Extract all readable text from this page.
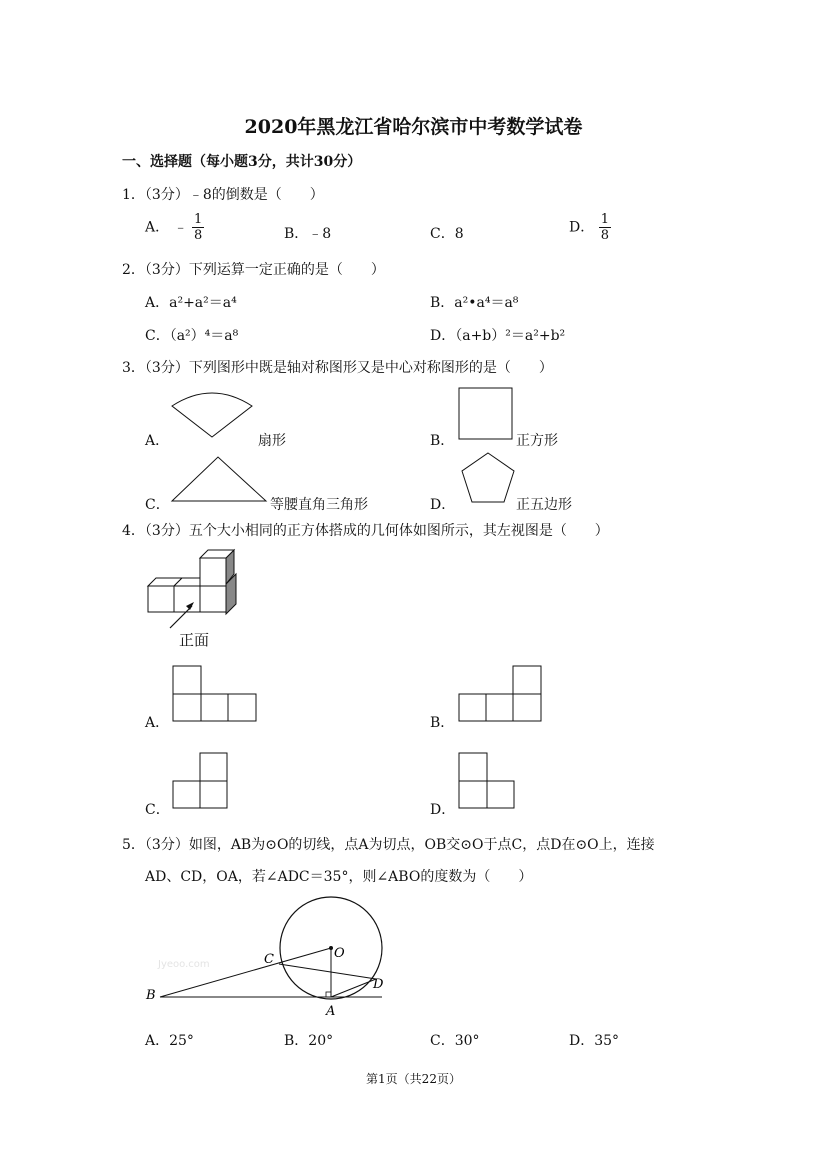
2020年黑龙江省哈尔滨市中考数学试卷
一、选择题（每小题3分，共计30分）
1．（3分）﹣8的倒数是（　　）
A． ﹣ $\frac{1}{8}$	B．﹣8	C．8	D． $\frac{1}{8}$
2．（3分）下列运算一定正确的是（　　）
A．a²+a²＝a⁴	B．a²•a⁴＝a⁸
C．（a²）⁴＝a⁸	D．（a+b）²＝a²+b²
3．（3分）下列图形中既是轴对称图形又是中心对称图形的是（　　）
A．	扇形	B．	正方形
C．	等腰直角三角形	D．	正五边形
4．（3分）五个大小相同的正方体搭成的几何体如图所示，其左视图是（　　）
正面
A．	B．
C．	D．
5．（3分）如图，AB为⊙O的切线，点A为切点，OB交⊙O于点C，点D在⊙O上，连接
AD、CD，OA，若∠ADC＝35°，则∠ABO的度数为（　　）
O
C
B
A
D
Jyeoo.com
A．25°	B．20°	C．30°	D．35°
第1页（共22页）
